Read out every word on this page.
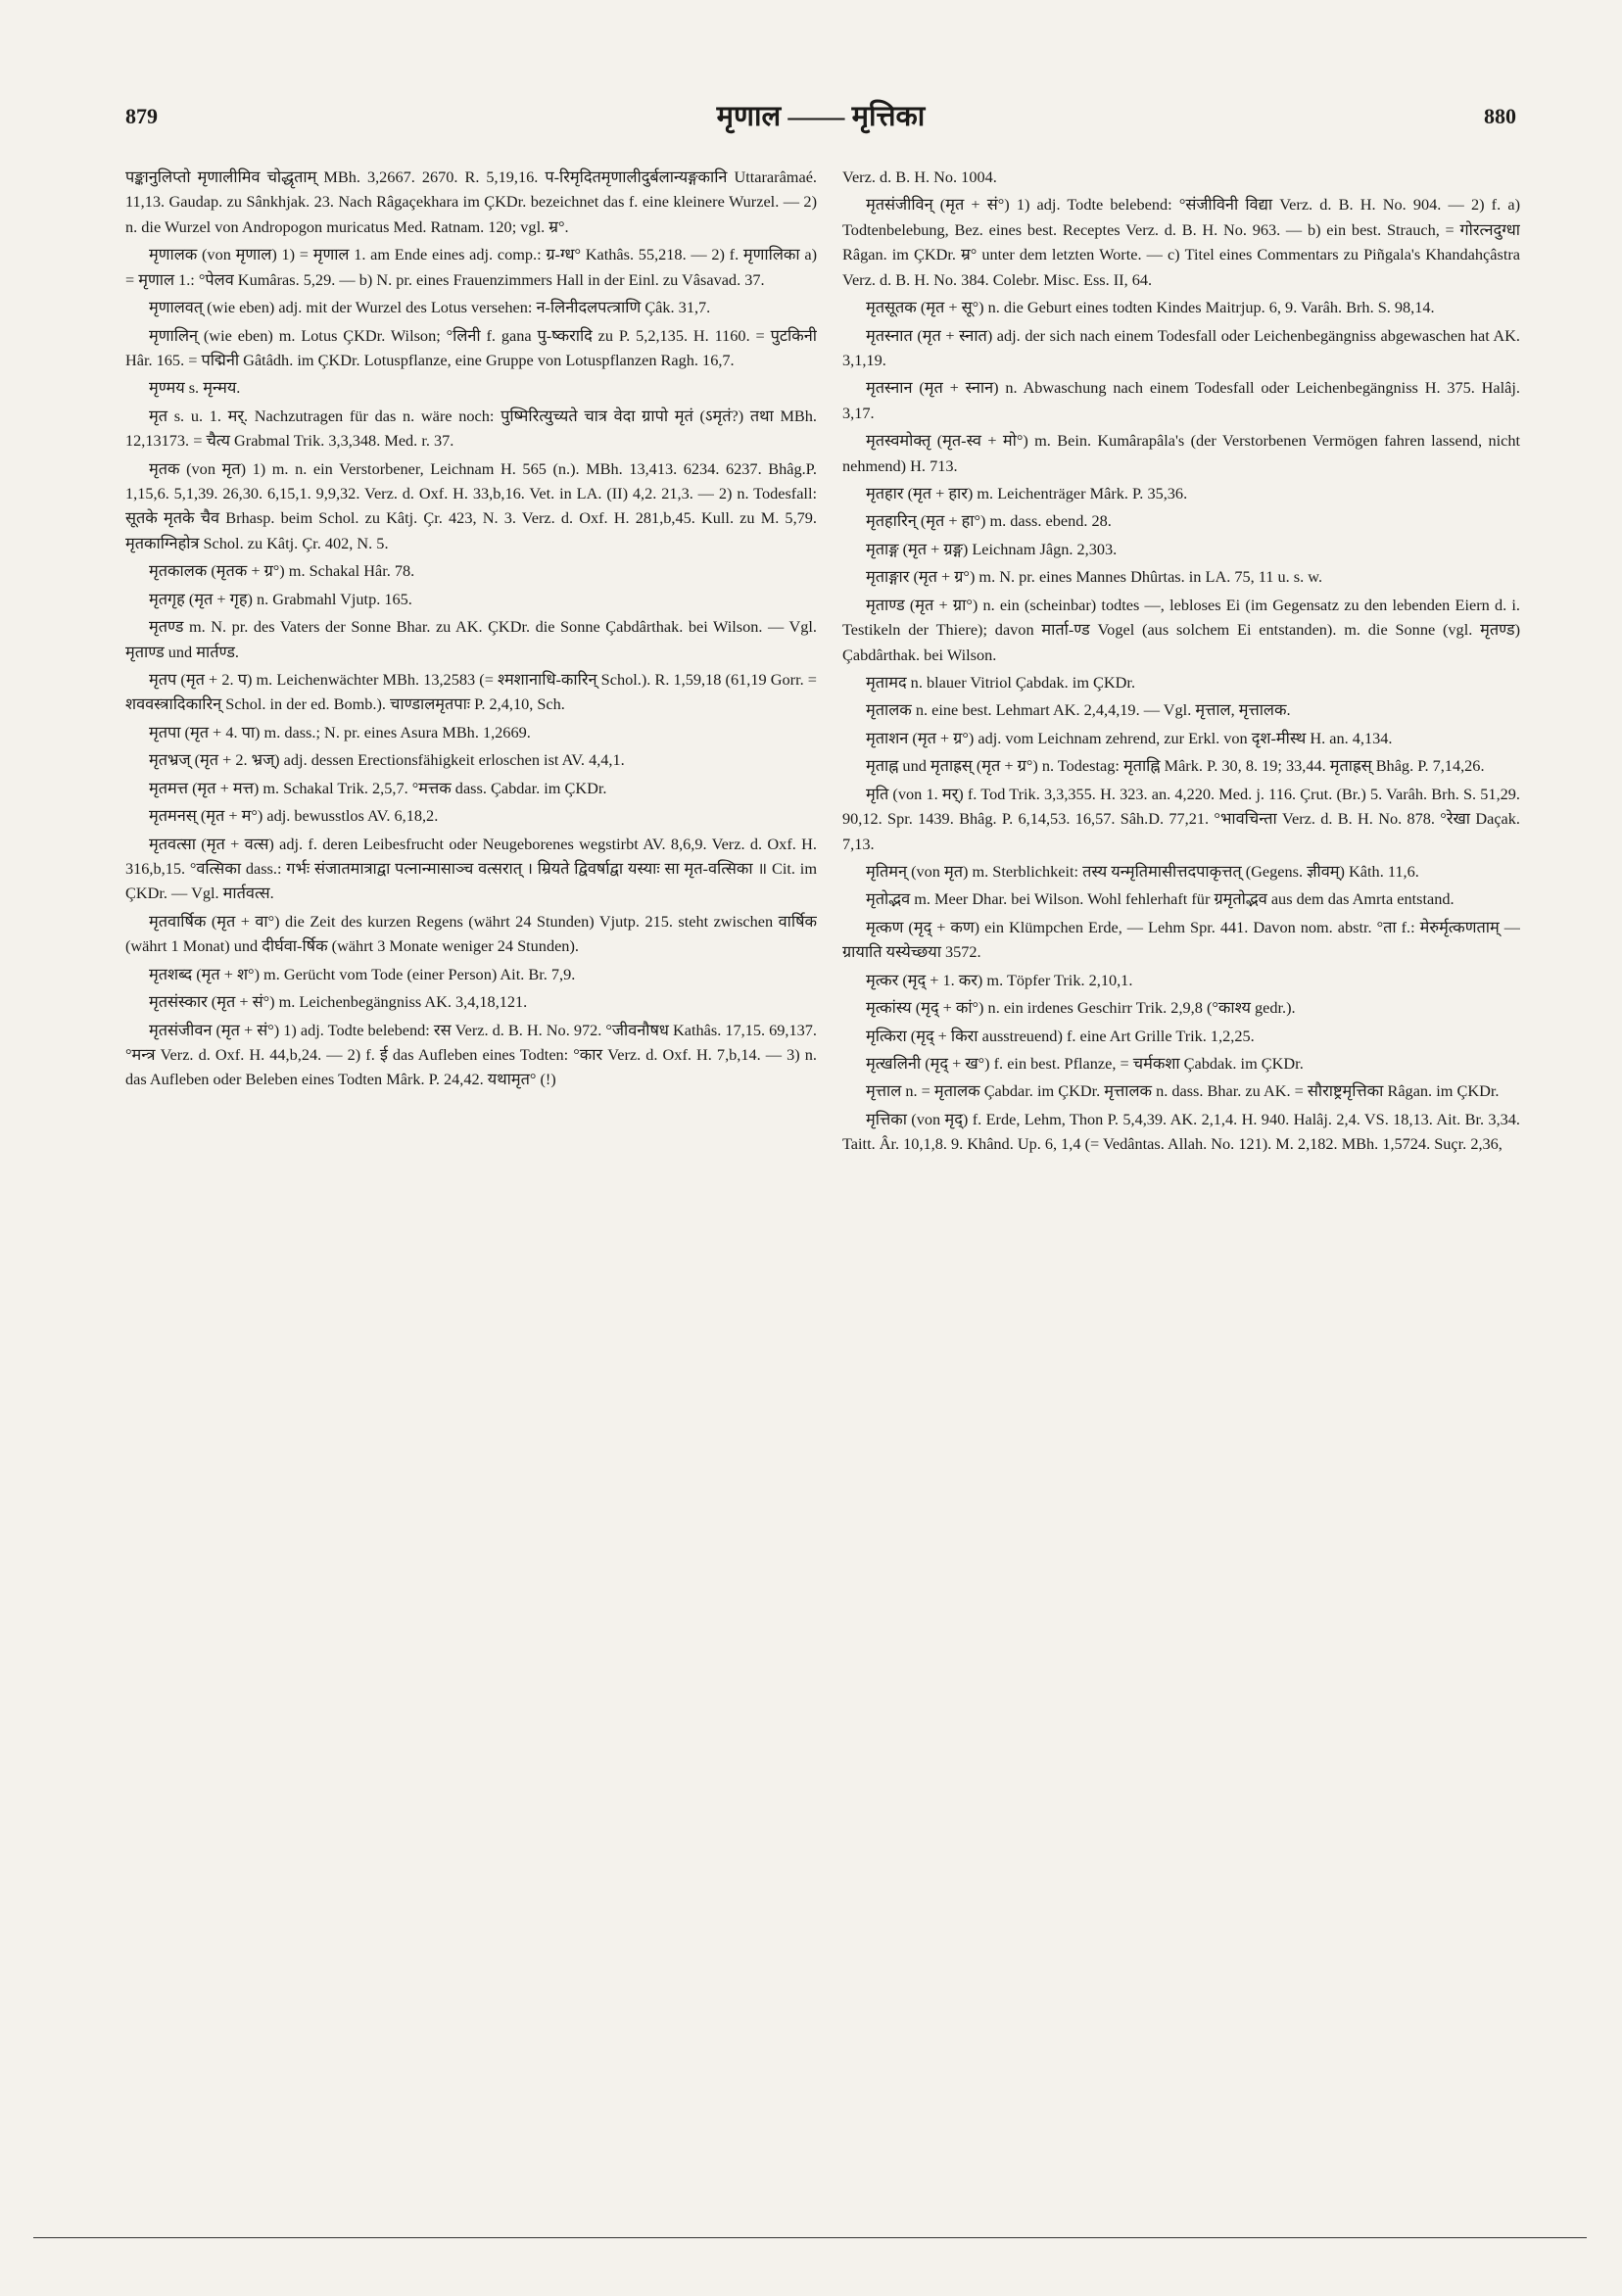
879	मृणाल —— मृत्तिका	880

पङ्कानुलिप्तो मृणालीमिव चोद्धृताम् MBh. 3,2667. 2670. R. 5,19,16. प-रिमृदितमृणालीदुर्बलान्यङ्गकानि Uttararâmaé. 11,13. Gaudap. zu Sânkhjak. 23. Nach Râgaçekhara im ÇKDr. bezeichnet das f. eine kleinere Wurzel. — 2) n. die Wurzel von Andropogon muricatus Med. Ratnam. 120; vgl. म्र°.

मृणालक (von मृणाल) 1) = मृणाल 1. am Ende eines adj. comp.: ग्र-ग्ध° Kathâs. 55,218. — 2) f. मृणालिका a) = मृणाल 1.: °पेलव Kumâras. 5,29. — b) N. pr. eines Frauenzimmers Hall in der Einl. zu Vâsavad. 37.

मृणालवत् (wie eben) adj. mit der Wurzel des Lotus versehen: न-लिनीदलपत्त्राणि Çâk. 31,7.

मृणालिन् (wie eben) m. Lotus ÇKDr. Wilson; °लिनी f. gana पु-ष्करादि zu P. 5,2,135. H. 1160. = पुटकिनी Hâr. 165. = पद्मिनी Gâtâdh. im ÇKDr. Lotuspflanze, eine Gruppe von Lotuspflanzen Ragh. 16,7.

मृण्मय s. मृन्मय.

मृत s. u. 1. मर्. Nachzutragen für das n. wäre noch: पुष्मिरित्युच्यते चात्र वेदा ग्रापो मृतं (ऽमृतं?) तथा MBh. 12,13173. = चैत्य Grabmal Trik. 3,3,348. Med. r. 37.

मृतक (von मृत) 1) m. n. ein Verstorbener, Leichnam H. 565 (n.). MBh. 13,413. 6234. 6237. Bhâg.P. 1,15,6. 5,1,39. 26,30. 6,15,1. 9,9,32. Verz. d. Oxf. H. 33,b,16. Vet. in LA. (II) 4,2. 21,3. — 2) n. Todesfall: सूतके मृतके चैव Brhasp. beim Schol. zu Kâtj. Çr. 423, N. 3. Verz. d. Oxf. H. 281,b,45. Kull. zu M. 5,79. मृतकाग्निहोत्र Schol. zu Kâtj. Çr. 402, N. 5.

मृतकालक (मृतक + ग्र°) m. Schakal Hâr. 78.

मृतगृह (मृत + गृह) n. Grabmahl Vjutp. 165.

मृतण्ड m. N. pr. des Vaters der Sonne Bhar. zu AK. ÇKDr. die Sonne Çabdârthak. bei Wilson. — Vgl. मृताण्ड und मार्तण्ड.

मृतप (मृत + 2. प) m. Leichenwächter MBh. 13,2583 (= श्मशानाधि-कारिन् Schol.). R. 1,59,18 (61,19 Gorr. = शववस्त्रादिकारिन् Schol. in der ed. Bomb.). चाण्डालमृतपाः P. 2,4,10, Sch.

मृतपा (मृत + 4. पा) m. dass.; N. pr. eines Asura MBh. 1,2669.

मृतभ्रज् (मृत + 2. भ्रज्) adj. dessen Erectionsfähigkeit erloschen ist AV. 4,4,1.

मृतमत्त (मृत + मत्त) m. Schakal Trik. 2,5,7. °मत्तक dass. Çabdar. im ÇKDr.

मृतमनस् (मृत + म°) adj. bewusstlos AV. 6,18,2.

मृतवत्सा (मृत + वत्स) adj. f. deren Leibesfrucht oder Neugeborenes wegstirbt AV. 8,6,9. Verz. d. Oxf. H. 316,b,15. °वत्सिका dass.: गर्भः संजातमात्राद्वा पत्नान्मासाञ्च वत्सरात् । म्रियते द्विवर्षाद्वा यस्याः सा मृत-वत्सिका ॥ Cit. im ÇKDr. — Vgl. मार्तवत्स.

मृतवार्षिक (मृत + वा°) die Zeit des kurzen Regens (währt 24 Stunden) Vjutp. 215. steht zwischen वार्षिक (währt 1 Monat) und दीर्घवा-र्षिक (währt 3 Monate weniger 24 Stunden).

मृतशब्द (मृत + श°) m. Gerücht vom Tode (einer Person) Ait. Br. 7,9.

मृतसंस्कार (मृत + सं°) m. Leichenbegängniss AK. 3,4,18,121.

मृतसंजीवन (मृत + सं°) 1) adj. Todte belebend: रस Verz. d. B. H. No. 972. °जीवनौषध Kathâs. 17,15. 69,137. °मन्त्र Verz. d. Oxf. H. 44,b,24. — 2) f. ई das Aufleben eines Todten: °कार Verz. d. Oxf. H. 7,b,14. — 3) n. das Aufleben oder Beleben eines Todten Mârk. P. 24,42. यथामृत° (!)

Verz. d. B. H. No. 1004.

मृतसंजीविन् (मृत + सं°) 1) adj. Todte belebend: °संजीविनी विद्या Verz. d. B. H. No. 904. — 2) f. a) Todtenbelebung, Bez. eines best. Receptes Verz. d. B. H. No. 963. — b) ein best. Strauch, = गोरत्नदुग्धा Râgan. im ÇKDr. म्र° unter dem letzten Worte. — c) Titel eines Commentars zu Piñgala's Khandahçâstra Verz. d. B. H. No. 384. Colebr. Misc. Ess. II, 64.

मृतसूतक (मृत + सू°) n. die Geburt eines todten Kindes Maitrjup. 6, 9. Varâh. Brh. S. 98,14.

मृतस्नात (मृत + स्नात) adj. der sich nach einem Todesfall oder Leichenbegängniss abgewaschen hat AK. 3,1,19.

मृतस्नान (मृत + स्नान) n. Abwaschung nach einem Todesfall oder Leichenbegängniss H. 375. Halâj. 3,17.

मृतस्वमोक्तृ (मृत-स्व + मो°) m. Bein. Kumârapâla's (der Verstorbenen Vermögen fahren lassend, nicht nehmend) H. 713.

मृतहार (मृत + हार) m. Leichenträger Mârk. P. 35,36.

मृतहारिन् (मृत + हा°) m. dass. ebend. 28.

मृताङ्ग (मृत + ग्रङ्ग) Leichnam Jâgn. 2,303.

मृताङ्गार (मृत + ग्र°) m. N. pr. eines Mannes Dhûrtas. in LA. 75, 11 u. s. w.

मृताण्ड (मृत + ग्रा°) n. ein (scheinbar) todtes —, lebloses Ei (im Gegensatz zu den lebenden Eiern d. i. Testikeln der Thiere); davon मार्ता-ण्ड Vogel (aus solchem Ei entstanden). m. die Sonne (vgl. मृतण्ड) Çabdârthak. bei Wilson.

मृतामद n. blauer Vitriol Çabdak. im ÇKDr.

मृतालक n. eine best. Lehmart AK. 2,4,4,19. — Vgl. मृत्ताल, मृत्तालक.

मृताशन (मृत + ग्र°) adj. vom Leichnam zehrend, zur Erkl. von दृश-मीस्थ H. an. 4,134.

मृताह्न und मृताह्रस् (मृत + ग्र°) n. Todestag: मृताह्नि Mârk. P. 30, 8. 19; 33,44. मृताह्रस् Bhâg. P. 7,14,26.

मृति (von 1. मर्) f. Tod Trik. 3,3,355. H. 323. an. 4,220. Med. j. 116. Çrut. (Br.) 5. Varâh. Brh. S. 51,29. 90,12. Spr. 1439. Bhâg. P. 6,14,53. 16,57. Sâh.D. 77,21. °भावचिन्ता Verz. d. B. H. No. 878. °रेखा Daçak. 7,13.

मृतिमन् (von मृत) m. Sterblichkeit: तस्य यन्मृतिमासीत्तदपाकृत्तत् (Gegens. ज्ञीवम्) Kâth. 11,6.

मृतोद्भव m. Meer Dhar. bei Wilson. Wohl fehlerhaft für ग्रमृतोद्भव aus dem das Amrta entstand.

मृत्कण (मृद् + कण) ein Klümpchen Erde, — Lehm Spr. 441. Davon nom. abstr. °ता f.: मेरुर्मृत्कणताम् — ग्रायाति यस्येच्छया 3572.

मृत्कर (मृद् + 1. कर) m. Töpfer Trik. 2,10,1.

मृत्कांस्य (मृद् + कां°) n. ein irdenes Geschirr Trik. 2,9,8 (°काश्य gedr.).

मृत्किरा (मृद् + किरा ausstreuend) f. eine Art Grille Trik. 1,2,25.

मृत्खलिनी (मृद् + ख°) f. ein best. Pflanze, = चर्मकशा Çabdak. im ÇKDr.

मृत्ताल n. = मृतालक Çabdar. im ÇKDr. मृत्तालक n. dass. Bhar. zu AK. = सौराष्ट्रमृत्तिका Râgan. im ÇKDr.

मृत्तिका (von मृद्) f. Erde, Lehm, Thon P. 5,4,39. AK. 2,1,4. H. 940. Halâj. 2,4. VS. 18,13. Ait. Br. 3,34. Taitt. Âr. 10,1,8. 9. Khând. Up. 6, 1,4 (= Vedântas. Allah. No. 121). M. 2,182. MBh. 1,5724. Suçr. 2,36,
